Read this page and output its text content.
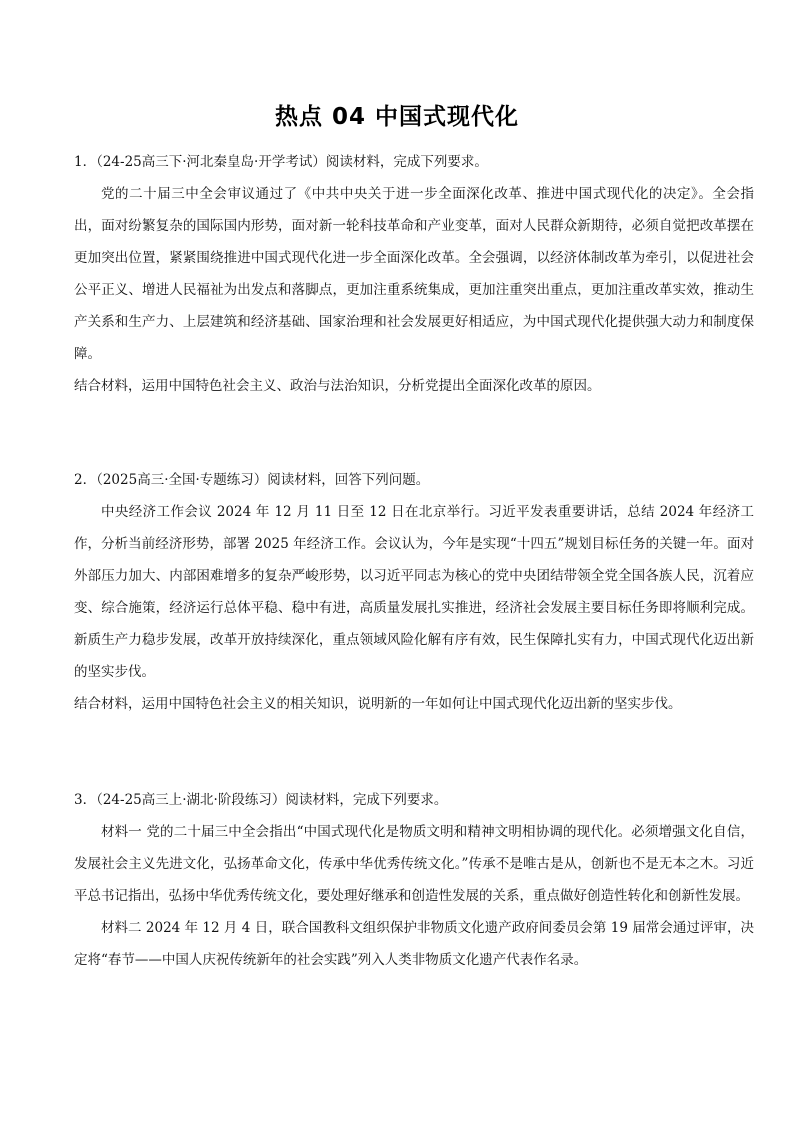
热点 04 中国式现代化
1．（24-25高三下·河北秦皇岛·开学考试）阅读材料，完成下列要求。

党的二十届三中全会审议通过了《中共中央关于进一步全面深化改革、推进中国式现代化的决定》。全会指出，面对纷繁复杂的国际国内形势，面对新一轮科技革命和产业变革，面对人民群众新期待，必须自觉把改革摆在更加突出位置，紧紧围绕推进中国式现代化进一步全面深化改革。全会强调，以经济体制改革为牵引，以促进社会公平正义、增进人民福祉为出发点和落脚点，更加注重系统集成，更加注重突出重点，更加注重改革实效，推动生产关系和生产力、上层建筑和经济基础、国家治理和社会发展更好相适应，为中国式现代化提供强大动力和制度保障。

结合材料，运用中国特色社会主义、政治与法治知识，分析党提出全面深化改革的原因。
2．（2025高三·全国·专题练习）阅读材料，回答下列问题。

中央经济工作会议 2024 年 12 月 11 日至 12 日在北京举行。习近平发表重要讲话，总结 2024 年经济工作，分析当前经济形势，部署 2025 年经济工作。会议认为，今年是实现“十四五”规划目标任务的关键一年。面对外部压力加大、内部困难增多的复杂严峻形势，以习近平同志为核心的党中央团结带领全党全国各族人民，沉着应变、综合施策，经济运行总体平稳、稳中有进，高质量发展扎实推进，经济社会发展主要目标任务即将顺利完成。新质生产力稳步发展，改革开放持续深化，重点领域风险化解有序有效，民生保障扎实有力，中国式现代化迈出新的坚实步伐。

结合材料，运用中国特色社会主义的相关知识，说明新的一年如何让中国式现代化迈出新的坚实步伐。
3．（24-25高三上·湖北·阶段练习）阅读材料，完成下列要求。

材料一 党的二十届三中全会指出“中国式现代化是物质文明和精神文明相协调的现代化。必须增强文化自信，发展社会主义先进文化，弘扬革命文化，传承中华优秀传统文化。”传承不是唯古是从，创新也不是无本之木。习近平总书记指出，弘扬中华优秀传统文化，要处理好继承和创造性发展的关系，重点做好创造性转化和创新性发展。

材料二 2024 年 12 月 4 日，联合国教科文组织保护非物质文化遗产政府间委员会第 19 届常会通过评审，决定将“春节——中国人庆祝传统新年的社会实践”列入人类非物质文化遗产代表作名录。
